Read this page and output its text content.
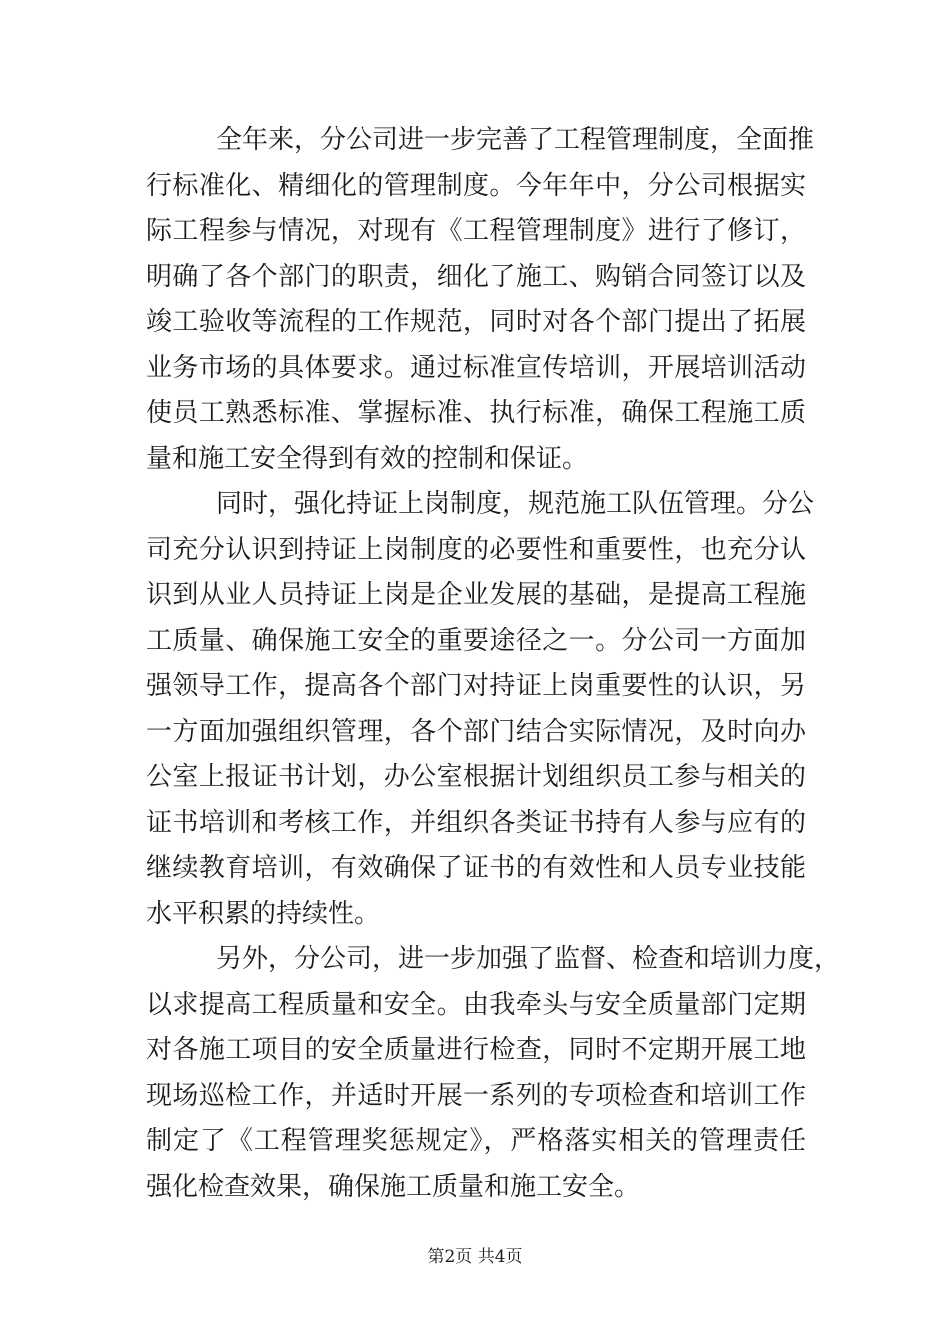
全年来，分公司进一步完善了工程管理制度，全面推
行标准化、精细化的管理制度。今年年中，分公司根据实
际工程参与情况，对现有《工程管理制度》进行了修订，
明确了各个部门的职责，细化了施工、购销合同签订以及
竣工验收等流程的工作规范，同时对各个部门提出了拓展
业务市场的具体要求。通过标准宣传培训，开展培训活动
使员工熟悉标准、掌握标准、执行标准，确保工程施工质
量和施工安全得到有效的控制和保证。
同时，强化持证上岗制度，规范施工队伍管理。分公
司充分认识到持证上岗制度的必要性和重要性，也充分认
识到从业人员持证上岗是企业发展的基础，是提高工程施
工质量、确保施工安全的重要途径之一。分公司一方面加
强领导工作，提高各个部门对持证上岗重要性的认识，另
一方面加强组织管理，各个部门结合实际情况，及时向办
公室上报证书计划，办公室根据计划组织员工参与相关的
证书培训和考核工作，并组织各类证书持有人参与应有的
继续教育培训，有效确保了证书的有效性和人员专业技能
水平积累的持续性。
另外，分公司，进一步加强了监督、检查和培训力度，
以求提高工程质量和安全。由我牵头与安全质量部门定期
对各施工项目的安全质量进行检查，同时不定期开展工地
现场巡检工作，并适时开展一系列的专项检查和培训工作
制定了《工程管理奖惩规定》，严格落实相关的管理责任
强化检查效果，确保施工质量和施工安全。
第2页 共4页
